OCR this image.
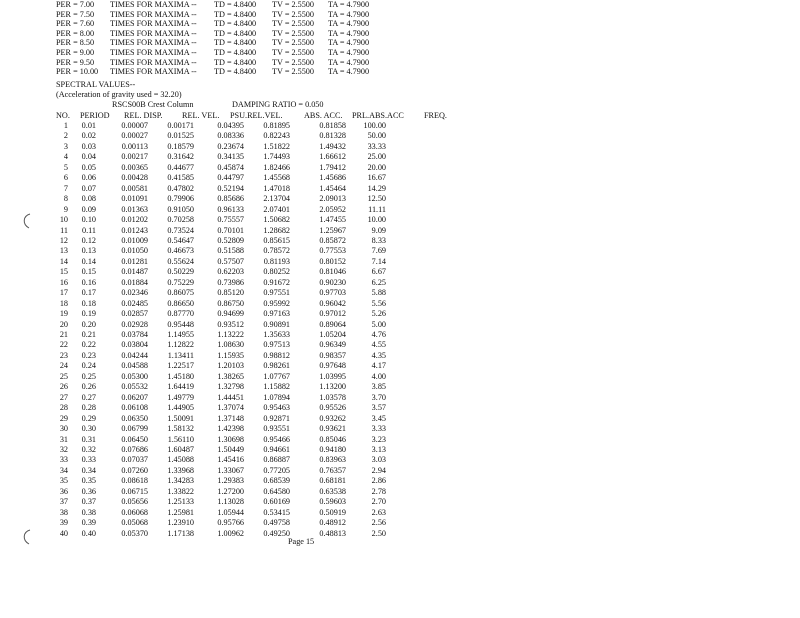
PER = 7.00 TIMES FOR MAXIMA -- TD = 4.8400 TV = 2.5500 TA = 4.7900
PER = 7.50 TIMES FOR MAXIMA -- TD = 4.8400 TV = 2.5500 TA = 4.7900
PER = 7.60 TIMES FOR MAXIMA -- TD = 4.8400 TV = 2.5500 TA = 4.7900
PER = 8.00 TIMES FOR MAXIMA -- TD = 4.8400 TV = 2.5500 TA = 4.7900
PER = 8.50 TIMES FOR MAXIMA -- TD = 4.8400 TV = 2.5500 TA = 4.7900
PER = 9.00 TIMES FOR MAXIMA -- TD = 4.8400 TV = 2.5500 TA = 4.7900
PER = 9.50 TIMES FOR MAXIMA -- TD = 4.8400 TV = 2.5500 TA = 4.7900
PER = 10.00 TIMES FOR MAXIMA -- TD = 4.8400 TV = 2.5500 TA = 4.7900
SPECTRAL VALUES--
(Acceleration of gravity used = 32.20)
RSCS00B Crest Column	DAMPING RATIO = 0.050
NO. PERIOD REL. DISP. REL. VEL. PSU.REL.VEL.	ABS. ACC. PRL.ABS.ACC FREQ.
1	0.01	0.00007	0.00171	0.04395	0.81895	0.81858	100.00
2	0.02	0.00027	0.01525	0.08336	0.82243	0.81328	50.00
3	0.03	0.00113	0.18579	0.23674	1.51822	1.49432	33.33
4	0.04	0.00217	0.31642	0.34135	1.74493	1.66612	25.00
5	0.05	0.00365	0.44677	0.45874	1.82466	1.79412	20.00
6	0.06	0.00428	0.41585	0.44797	1.45568	1.45686	16.67
7	0.07	0.00581	0.47802	0.52194	1.47018	1.45464	14.29
8	0.08	0.01091	0.79906	0.85686	2.13704	2.09013	12.50
9	0.09	0.01363	0.91050	0.96133	2.07401	2.05952	11.11
10	0.10	0.01202	0.70258	0.75557	1.50682	1.47455	10.00
11	0.11	0.01243	0.73524	0.70101	1.28682	1.25967	9.09
12	0.12	0.01009	0.54647	0.52809	0.85615	0.85872	8.33
13	0.13	0.01050	0.46673	0.51588	0.78572	0.77553	7.69
14	0.14	0.01281	0.55624	0.57507	0.81193	0.80152	7.14
15	0.15	0.01487	0.50229	0.62203	0.80252	0.81046	6.67
16	0.16	0.01884	0.75229	0.73986	0.91672	0.90230	6.25
17	0.17	0.02346	0.86075	0.85120	0.97551	0.97703	5.88
18	0.18	0.02485	0.86650	0.86750	0.95992	0.96042	5.56
19	0.19	0.02857	0.87770	0.94699	0.97163	0.97012	5.26
20	0.20	0.02928	0.95448	0.93512	0.90891	0.89064	5.00
21	0.21	0.03784	1.14955	1.13222	1.35633	1.05204	4.76
22	0.22	0.03804	1.12822	1.08630	0.97513	0.96349	4.55
23	0.23	0.04244	1.13411	1.15935	0.98812	0.98357	4.35
24	0.24	0.04588	1.22517	1.20103	0.98261	0.97648	4.17
25	0.25	0.05300	1.45180	1.38265	1.07767	1.03995	4.00
26	0.26	0.05532	1.64419	1.32798	1.15882	1.13200	3.85
27	0.27	0.06207	1.49779	1.44451	1.07894	1.03578	3.70
28	0.28	0.06108	1.44905	1.37074	0.95463	0.95526	3.57
29	0.29	0.06350	1.50091	1.37148	0.92871	0.93262	3.45
30	0.30	0.06799	1.58132	1.42398	0.93551	0.93621	3.33
31	0.31	0.06450	1.56110	1.30698	0.95466	0.85046	3.23
32	0.32	0.07686	1.60487	1.50449	0.94661	0.94180	3.13
33	0.33	0.07037	1.45088	1.45416	0.86887	0.83963	3.03
34	0.34	0.07260	1.33968	1.33067	0.77205	0.76357	2.94
35	0.35	0.08618	1.34283	1.29383	0.68539	0.68181	2.86
36	0.36	0.06715	1.33822	1.27200	0.64580	0.63538	2.78
37	0.37	0.05656	1.25133	1.13028	0.60169	0.59603	2.70
38	0.38	0.06068	1.25981	1.05944	0.53415	0.50919	2.63
39	0.39	0.05068	1.23910	0.95766	0.49758	0.48912	2.56
40	0.40	0.05370	1.17138	1.00962	0.49250	0.48813	2.50
Page 15
